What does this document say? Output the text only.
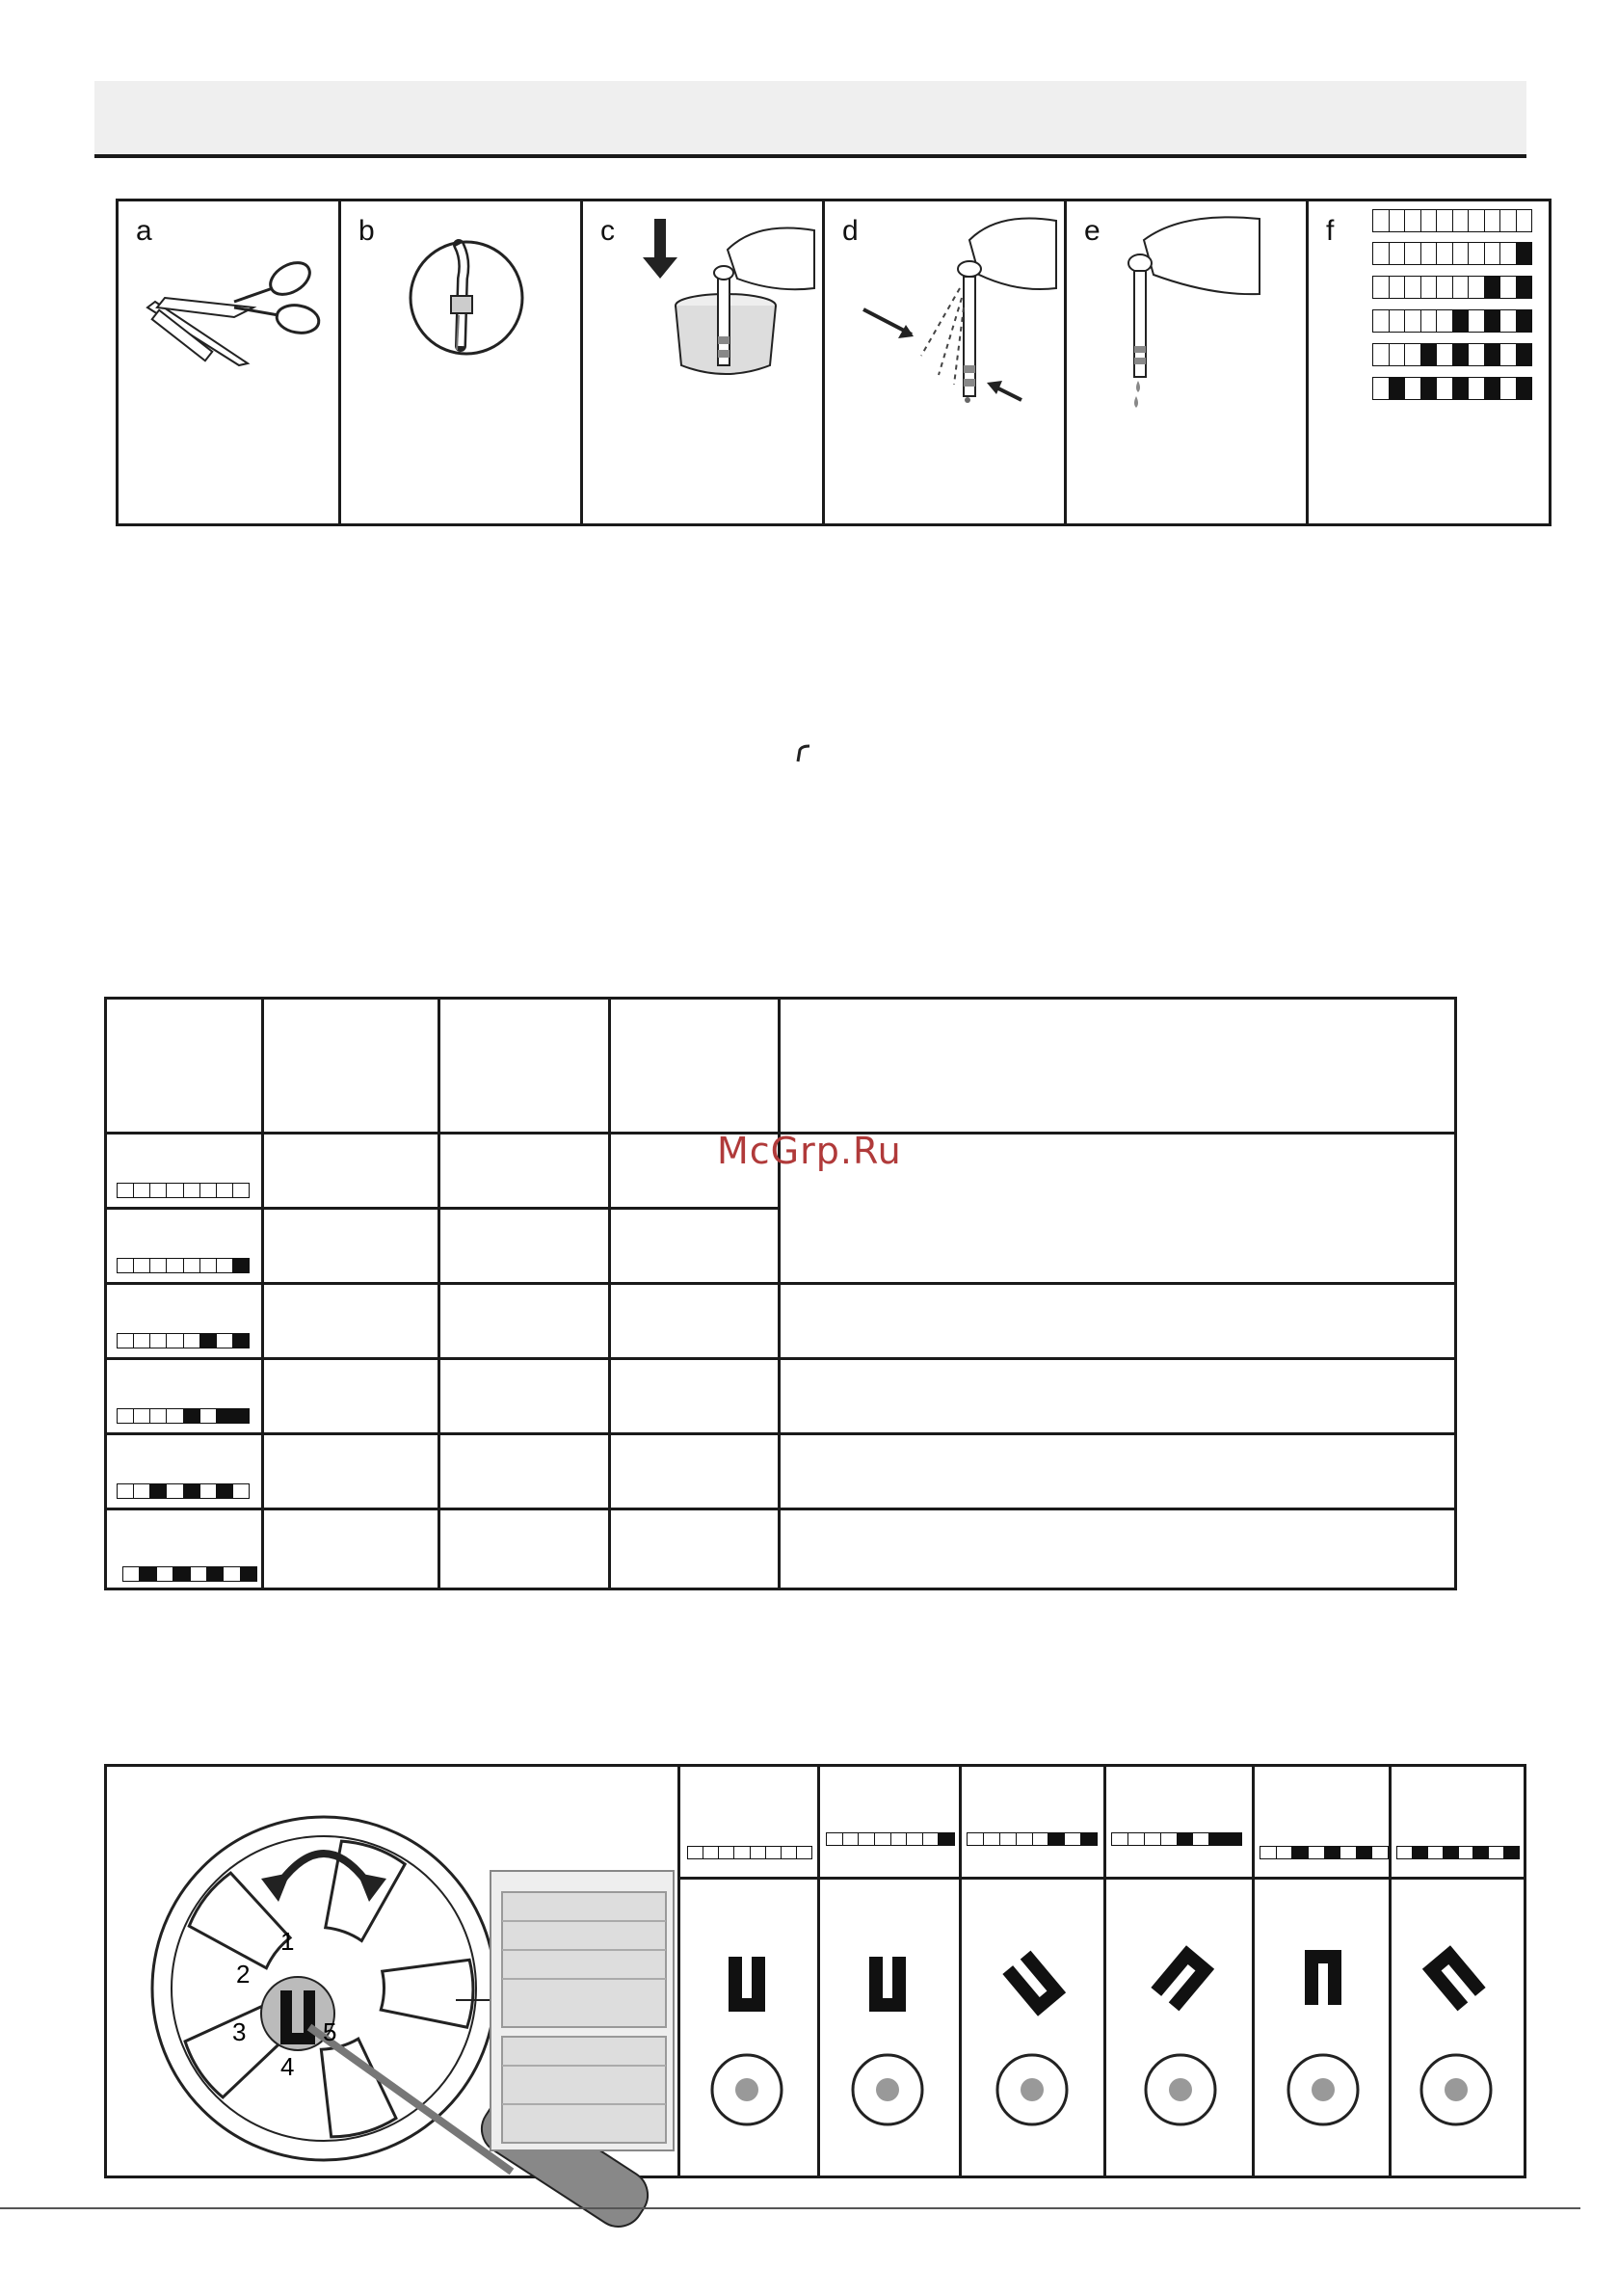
a	b	c	d	e	f
McGrp.Ru
1
2
3
4
5
